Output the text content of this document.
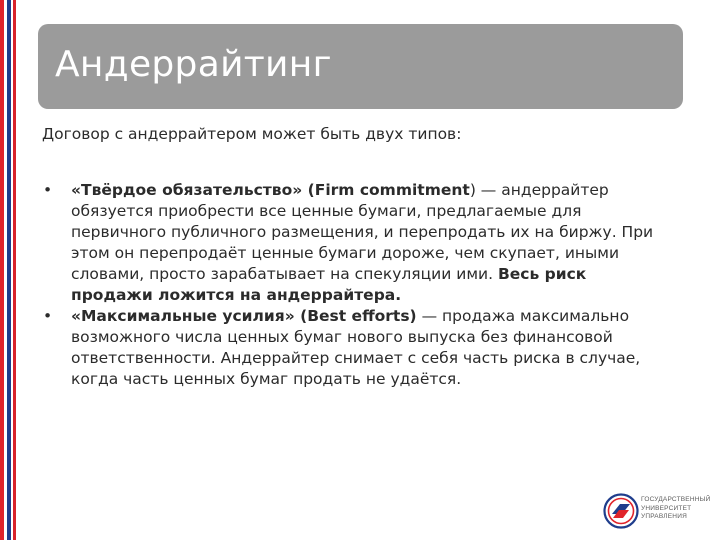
Андеррайтинг
Договор с андеррайтером может быть двух типов:
• «Твёрдое обязательство» (Firm commitment) — андеррайтер обязуется приобрести все ценные бумаги, предлагаемые для первичного публичного размещения, и перепродать их на биржу. При этом он перепродаёт ценные бумаги дороже, чем скупает, иными словами, просто зарабатывает на спекуляции ими. Весь риск продажи ложится на андеррайтера.
• «Максимальные усилия» (Best efforts) — продажа максимально возможного числа ценных бумаг нового выпуска без финансовой ответственности. Андеррайтер снимает с себя часть риска в случае, когда часть ценных бумаг продать не удаётся.
ГОСУДАРСТВЕННЫЙ
УНИВЕРСИТЕТ
УПРАВЛЕНИЯ
